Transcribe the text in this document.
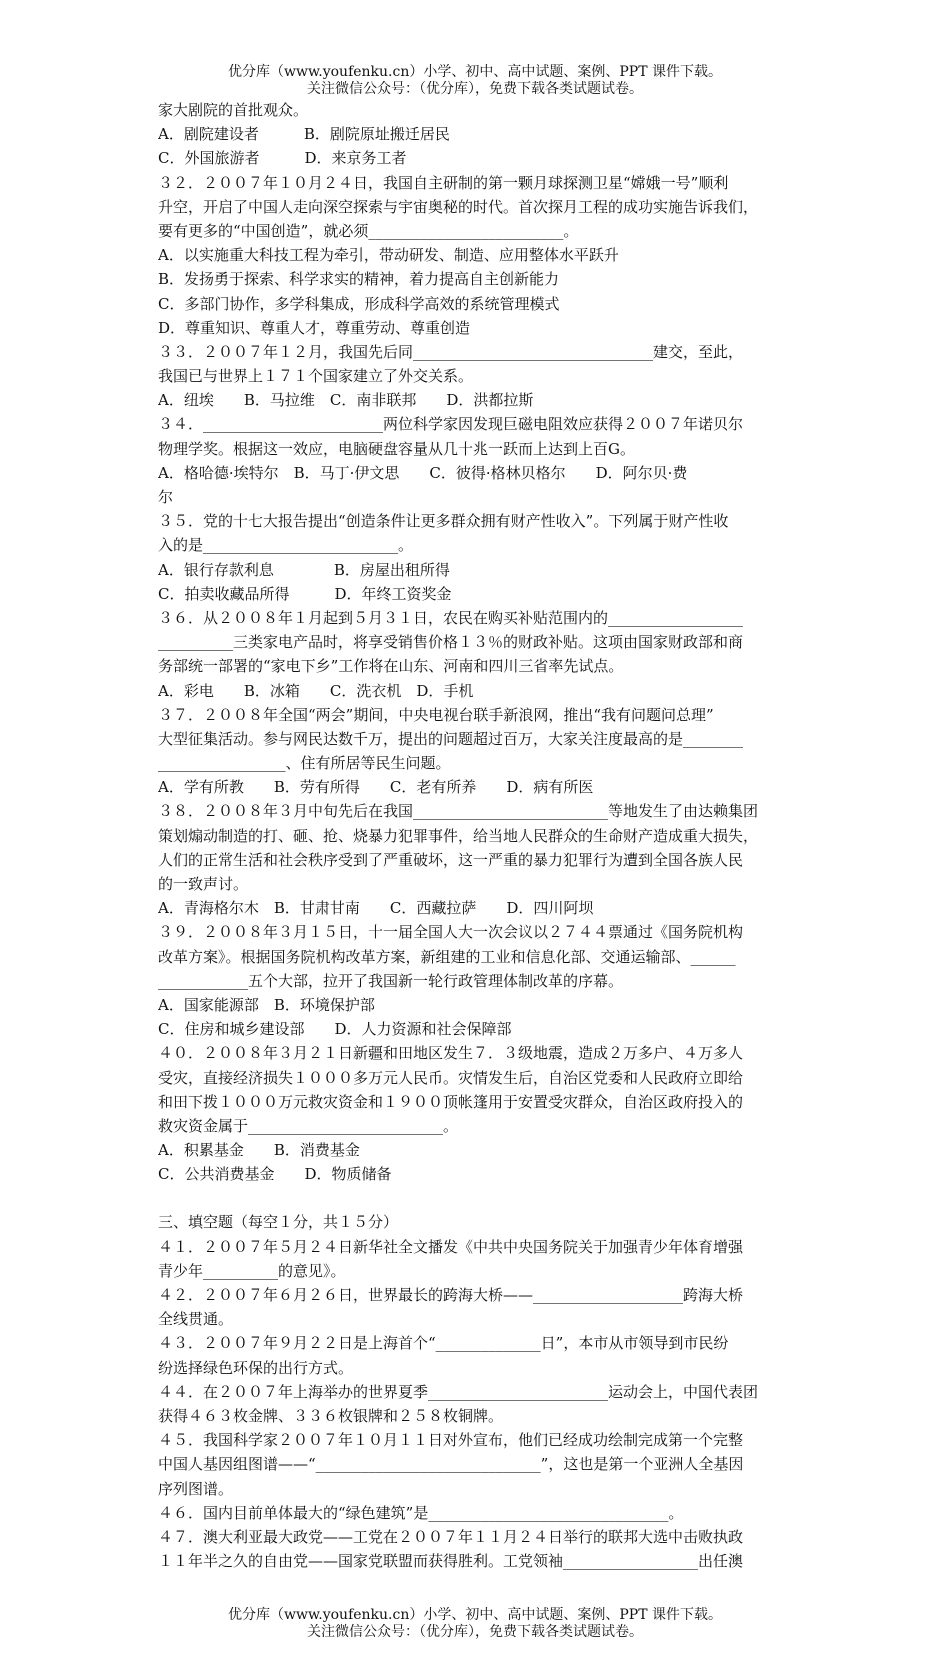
优分库（www.youfenku.cn）小学、初中、高中试题、案例、PPT 课件下载。
关注微信公众号：（优分库），免费下载各类试题试卷。
家大剧院的首批观众。
A．剧院建设者　　　B．剧院原址搬迁居民
C．外国旅游者　　　D．来京务工者
３２．２００７年１０月２４日，我国自主研制的第一颗月球探测卫星“嫦娥一号”顺利
升空，开启了中国人走向深空探索与宇宙奥秘的时代。首次探月工程的成功实施告诉我们，
要有更多的“中国创造”，就必须__________________________。
A．以实施重大科技工程为牵引，带动研发、制造、应用整体水平跃升
B．发扬勇于探索、科学求实的精神，着力提高自主创新能力
C．多部门协作，多学科集成，形成科学高效的系统管理模式
D．尊重知识、尊重人才，尊重劳动、尊重创造
３３．２００７年１２月，我国先后同________________________________建交，至此，
我国已与世界上１７１个国家建立了外交关系。
A．纽埃　　B．马拉维　C．南非联邦　　D．洪都拉斯
３４．________________________两位科学家因发现巨磁电阻效应获得２００７年诺贝尔
物理学奖。根据这一效应，电脑硬盘容量从几十兆一跃而上达到上百G。
A．格哈德·埃特尔　B．马丁·伊文思　　C．彼得·格林贝格尔　　D．阿尔贝·费
尔
３５．党的十七大报告提出“创造条件让更多群众拥有财产性收入”。下列属于财产性收
入的是__________________________。
A．银行存款利息　　　　B．房屋出租所得
C．拍卖收藏品所得　　　D．年终工资奖金
３６．从２００８年１月起到５月３１日，农民在购买补贴范围内的__________________
__________三类家电产品时，将享受销售价格１３％的财政补贴。这项由国家财政部和商
务部统一部署的“家电下乡”工作将在山东、河南和四川三省率先试点。
A．彩电　　B．冰箱　　C．洗衣机　D．手机
３７．２００８年全国“两会”期间，中央电视台联手新浪网，推出“我有问题问总理”
大型征集活动。参与网民达数千万，提出的问题超过百万，大家关注度最高的是________
_________________、住有所居等民生问题。
A．学有所教　　B．劳有所得　　C．老有所养　　D．病有所医
３８．２００８年３月中旬先后在我国__________________________等地发生了由达赖集团
策划煽动制造的打、砸、抢、烧暴力犯罪事件，给当地人民群众的生命财产造成重大损失，
人们的正常生活和社会秩序受到了严重破坏，这一严重的暴力犯罪行为遭到全国各族人民
的一致声讨。
A．青海格尔木　B．甘肃甘南　　C．西藏拉萨　　D．四川阿坝
３９．２００８年３月１５日，十一届全国人大一次会议以２７４４票通过《国务院机构
改革方案》。根据国务院机构改革方案，新组建的工业和信息化部、交通运输部、______
____________五个大部，拉开了我国新一轮行政管理体制改革的序幕。
A．国家能源部　B．环境保护部
C．住房和城乡建设部　　D．人力资源和社会保障部
４０．２００８年３月２１日新疆和田地区发生７．３级地震，造成２万多户、４万多人
受灾，直接经济损失１０００多万元人民币。灾情发生后，自治区党委和人民政府立即给
和田下拨１０００万元救灾资金和１９００顶帐篷用于安置受灾群众，自治区政府投入的
救灾资金属于__________________________。
A．积累基金　　B．消费基金
C．公共消费基金　　D．物质储备
三、填空题（每空１分，共１５分）
４１．２００７年５月２４日新华社全文播发《中共中央国务院关于加强青少年体育增强
青少年__________的意见》。
４２．２００７年６月２６日，世界最长的跨海大桥——____________________跨海大桥
全线贯通。
４３．２００７年９月２２日是上海首个“______________日”，本市从市领导到市民纷
纷选择绿色环保的出行方式。
４４．在２００７年上海举办的世界夏季________________________运动会上，中国代表团
获得４６３枚金牌、３３６枚银牌和２５８枚铜牌。
４５．我国科学家２００７年１０月１１日对外宣布，他们已经成功绘制完成第一个完整
中国人基因组图谱——“______________________________”，这也是第一个亚洲人全基因
序列图谱。
４６．国内目前单体最大的“绿色建筑”是________________________________。
４７．澳大利亚最大政党——工党在２００７年１１月２４日举行的联邦大选中击败执政
１１年半之久的自由党——国家党联盟而获得胜利。工党领袖__________________出任澳
优分库（www.youfenku.cn）小学、初中、高中试题、案例、PPT 课件下载。
关注微信公众号：（优分库），免费下载各类试题试卷。
